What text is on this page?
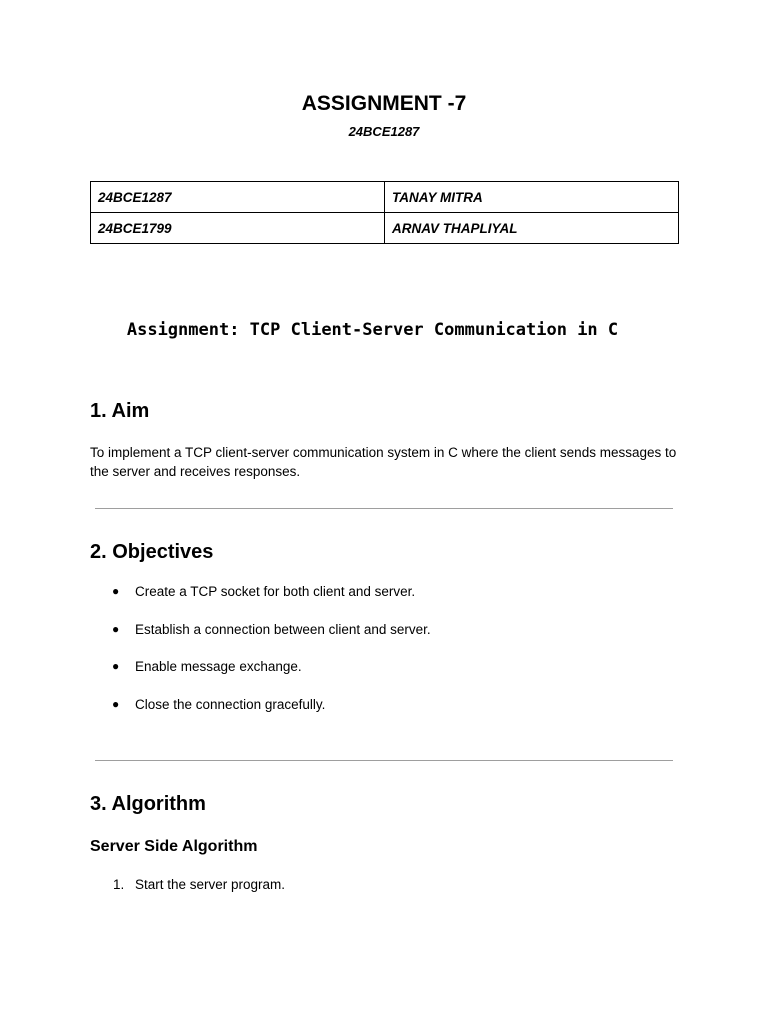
ASSIGNMENT -7
24BCE1287
24BCE1287	TANAY MITRA
24BCE1799	ARNAV THAPLIYAL
Assignment: TCP Client-Server Communication in C
1. Aim

To implement a TCP client-server communication system in C where the client sends messages to the server and receives responses.

2. Objectives
● Create a TCP socket for both client and server.
● Establish a connection between client and server.
● Enable message exchange.
● Close the connection gracefully.
3. Algorithm
Server Side Algorithm
1. Start the server program.
